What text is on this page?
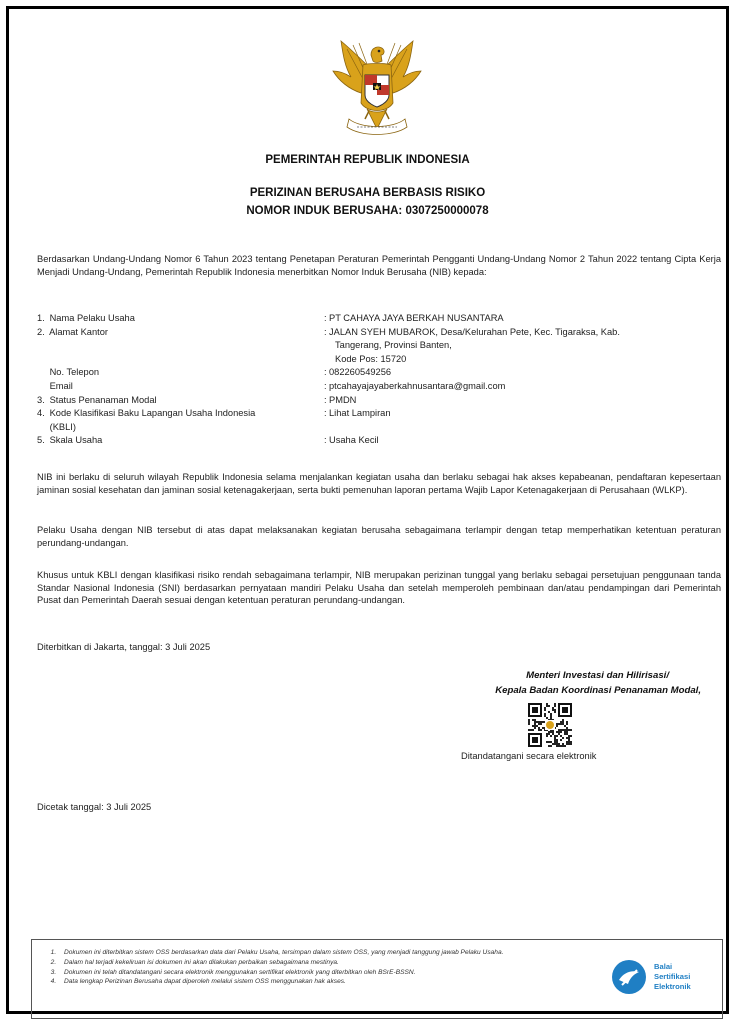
PEMERINTAH REPUBLIK INDONESIA
PERIZINAN BERUSAHA BERBASIS RISIKO
NOMOR INDUK BERUSAHA: 0307250000078
Berdasarkan Undang-Undang Nomor 6 Tahun 2023 tentang Penetapan Peraturan Pemerintah Pengganti Undang-Undang Nomor 2 Tahun 2022 tentang Cipta Kerja Menjadi Undang-Undang, Pemerintah Republik Indonesia menerbitkan Nomor Induk Berusaha (NIB) kepada:
1. Nama Pelaku Usaha	: PT CAHAYA JAYA BERKAH NUSANTARA
2. Alamat Kantor	: JALAN SYEH MUBAROK, Desa/Kelurahan Pete, Kec. Tigaraksa, Kab.
Tangerang, Provinsi Banten,
Kode Pos: 15720
No. Telepon	: 082260549256
Email	: ptcahayajayaberkahnusantara@gmail.com
3. Status Penanaman Modal	: PMDN
4. Kode Klasifikasi Baku Lapangan Usaha Indonesia
(KBLI)
: Lihat Lampiran
5. Skala Usaha	: Usaha Kecil
NIB ini berlaku di seluruh wilayah Republik Indonesia selama menjalankan kegiatan usaha dan berlaku sebagai hak akses kepabeanan, pendaftaran kepesertaan jaminan sosial kesehatan dan jaminan sosial ketenagakerjaan, serta bukti pemenuhan laporan pertama Wajib Lapor Ketenagakerjaan di Perusahaan (WLKP).
Pelaku Usaha dengan NIB tersebut di atas dapat melaksanakan kegiatan berusaha sebagaimana terlampir dengan tetap memperhatikan ketentuan peraturan perundang-undangan.
Khusus untuk KBLI dengan klasifikasi risiko rendah sebagaimana terlampir, NIB merupakan perizinan tunggal yang berlaku sebagai persetujuan penggunaan tanda Standar Nasional Indonesia (SNI) berdasarkan pernyataan mandiri Pelaku Usaha dan setelah memperoleh pembinaan dan/atau pendampingan dari Pemerintah Pusat dan Pemerintah Daerah sesuai dengan ketentuan peraturan perundang-undangan.
Diterbitkan di Jakarta, tanggal: 3 Juli 2025
Menteri Investasi dan Hilirisasi/
Kepala Badan Koordinasi Penanaman Modal,
Ditandatangani secara elektronik
Dicetak tanggal: 3 Juli 2025
1. Dokumen ini diterbitkan sistem OSS berdasarkan data dari Pelaku Usaha, tersimpan dalam sistem OSS, yang menjadi tanggung jawab Pelaku Usaha.
2. Dalam hal terjadi kekeliruan isi dokumen ini akan dilakukan perbaikan sebagaimana mestinya.
3. Dokumen ini telah ditandatangani secara elektronik menggunakan sertifikat elektronik yang diterbitkan oleh BSrE-BSSN.
4. Data lengkap Perizinan Berusaha dapat diperoleh melalui sistem OSS menggunakan hak akses.
Balai
Sertifikasi
Elektronik
